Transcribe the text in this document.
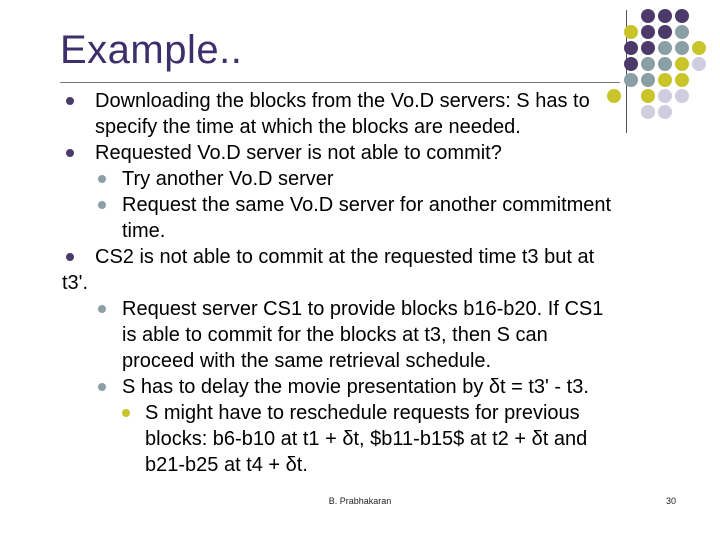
Example..
Downloading the blocks from the Vo.D servers: S has to
specify the time at which the blocks are needed.
Requested Vo.D server is not able to commit?
Try another Vo.D server
Request the same Vo.D server for another commitment
time.
CS2 is not able to commit at the requested time t3 but at
t3'.
Request server CS1 to provide blocks b16-b20. If CS1
is able to commit for the blocks at t3, then S can
proceed with the same retrieval schedule.
S has to delay the movie presentation by δt = t3' - t3.
S might have to reschedule requests for previous
blocks: b6-b10 at t1 + δt, $b11-b15$ at t2 + δt and
b21-b25 at t4 + δt.
B. Prabhakaran	30
